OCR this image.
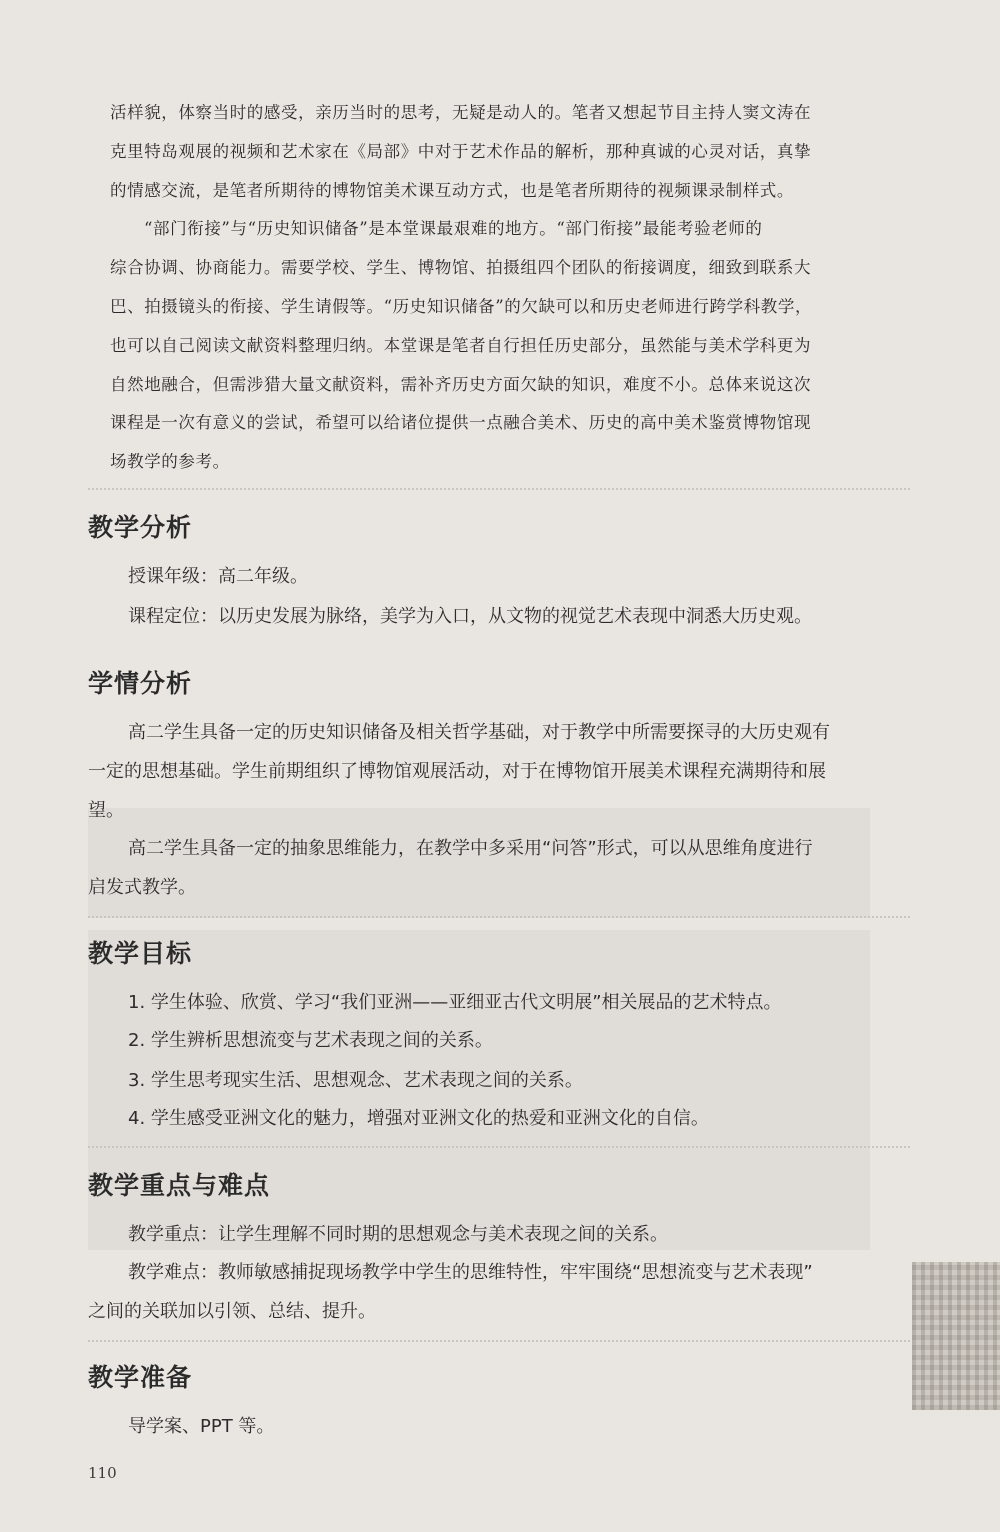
活样貌，体察当时的感受，亲历当时的思考，无疑是动人的。笔者又想起节目主持人窦文涛在
克里特岛观展的视频和艺术家在《局部》中对于艺术作品的解析，那种真诚的心灵对话，真挚
的情感交流，是笔者所期待的博物馆美术课互动方式，也是笔者所期待的视频课录制样式。
“部门衔接”与“历史知识储备”是本堂课最艰难的地方。“部门衔接”最能考验老师的
综合协调、协商能力。需要学校、学生、博物馆、拍摄组四个团队的衔接调度，细致到联系大
巴、拍摄镜头的衔接、学生请假等。“历史知识储备”的欠缺可以和历史老师进行跨学科教学，
也可以自己阅读文献资料整理归纳。本堂课是笔者自行担任历史部分，虽然能与美术学科更为
自然地融合，但需涉猎大量文献资料，需补齐历史方面欠缺的知识，难度不小。总体来说这次
课程是一次有意义的尝试，希望可以给诸位提供一点融合美术、历史的高中美术鉴赏博物馆现
场教学的参考。
教学分析

授课年级：高二年级。

课程定位：以历史发展为脉络，美学为入口，从文物的视觉艺术表现中洞悉大历史观。

学情分析

高二学生具备一定的历史知识储备及相关哲学基础，对于教学中所需要探寻的大历史观有

一定的思想基础。学生前期组织了博物馆观展活动，对于在博物馆开展美术课程充满期待和展

望。

高二学生具备一定的抽象思维能力，在教学中多采用“问答”形式，可以从思维角度进行

启发式教学。

教学目标

1. 学生体验、欣赏、学习“我们亚洲——亚细亚古代文明展”相关展品的艺术特点。

2. 学生辨析思想流变与艺术表现之间的关系。

3. 学生思考现实生活、思想观念、艺术表现之间的关系。

4. 学生感受亚洲文化的魅力，增强对亚洲文化的热爱和亚洲文化的自信。

教学重点与难点

教学重点：让学生理解不同时期的思想观念与美术表现之间的关系。

教学难点：教师敏感捕捉现场教学中学生的思维特性，牢牢围绕“思想流变与艺术表现”

之间的关联加以引领、总结、提升。

教学准备

导学案、PPT 等。

110
